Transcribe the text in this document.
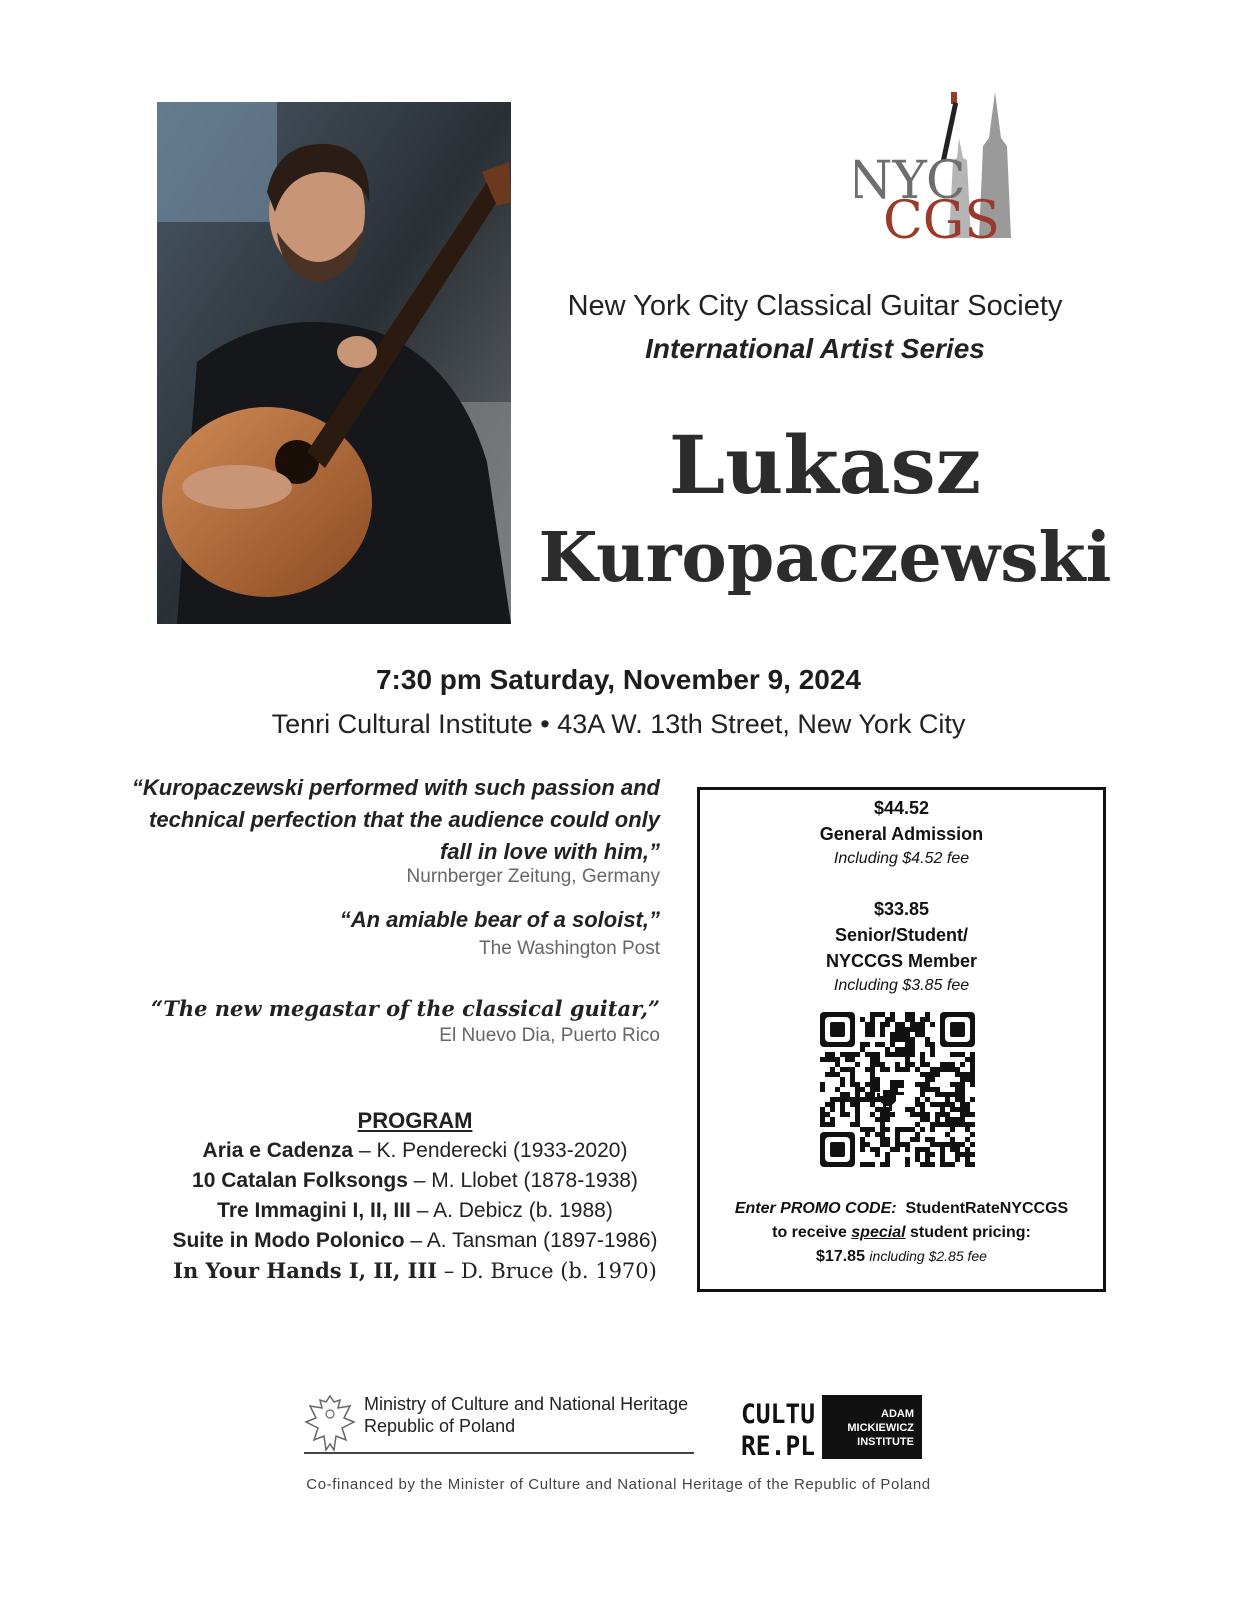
NYC
CGS
New York City Classical Guitar Society
International Artist Series
Lukasz
Kuropaczewski
7:30 pm Saturday, November 9, 2024
Tenri Cultural Institute • 43A W. 13th Street, New York City
“Kuropaczewski performed with such passion and
technical perfection that the audience could only
fall in love with him,”
Nurnberger Zeitung, Germany
“An amiable bear of a soloist,”
The Washington Post
“The new megastar of the classical guitar,”
El Nuevo Dia, Puerto Rico
PROGRAM
Aria e Cadenza – K. Penderecki (1933-2020)
10 Catalan Folksongs – M. Llobet (1878-1938)
Tre Immagini I, II, III – A. Debicz (b. 1988)
Suite in Modo Polonico – A. Tansman (1897-1986)
In Your Hands I, II, III – D. Bruce (b. 1970)
$44.52
General Admission
Including $4.52 fee
$33.85
Senior/Student/
NYCCGS Member
Including $3.85 fee
Enter PROMO CODE: StudentRateNYCCGS
to receive special student pricing:
$17.85 including $2.85 fee
Ministry of Culture and National Heritage
Republic of Poland	CULTU
RE.PL
ADAM
MICKIEWICZ
INSTITUTE
Co-financed by the Minister of Culture and National Heritage of the Republic of Poland
